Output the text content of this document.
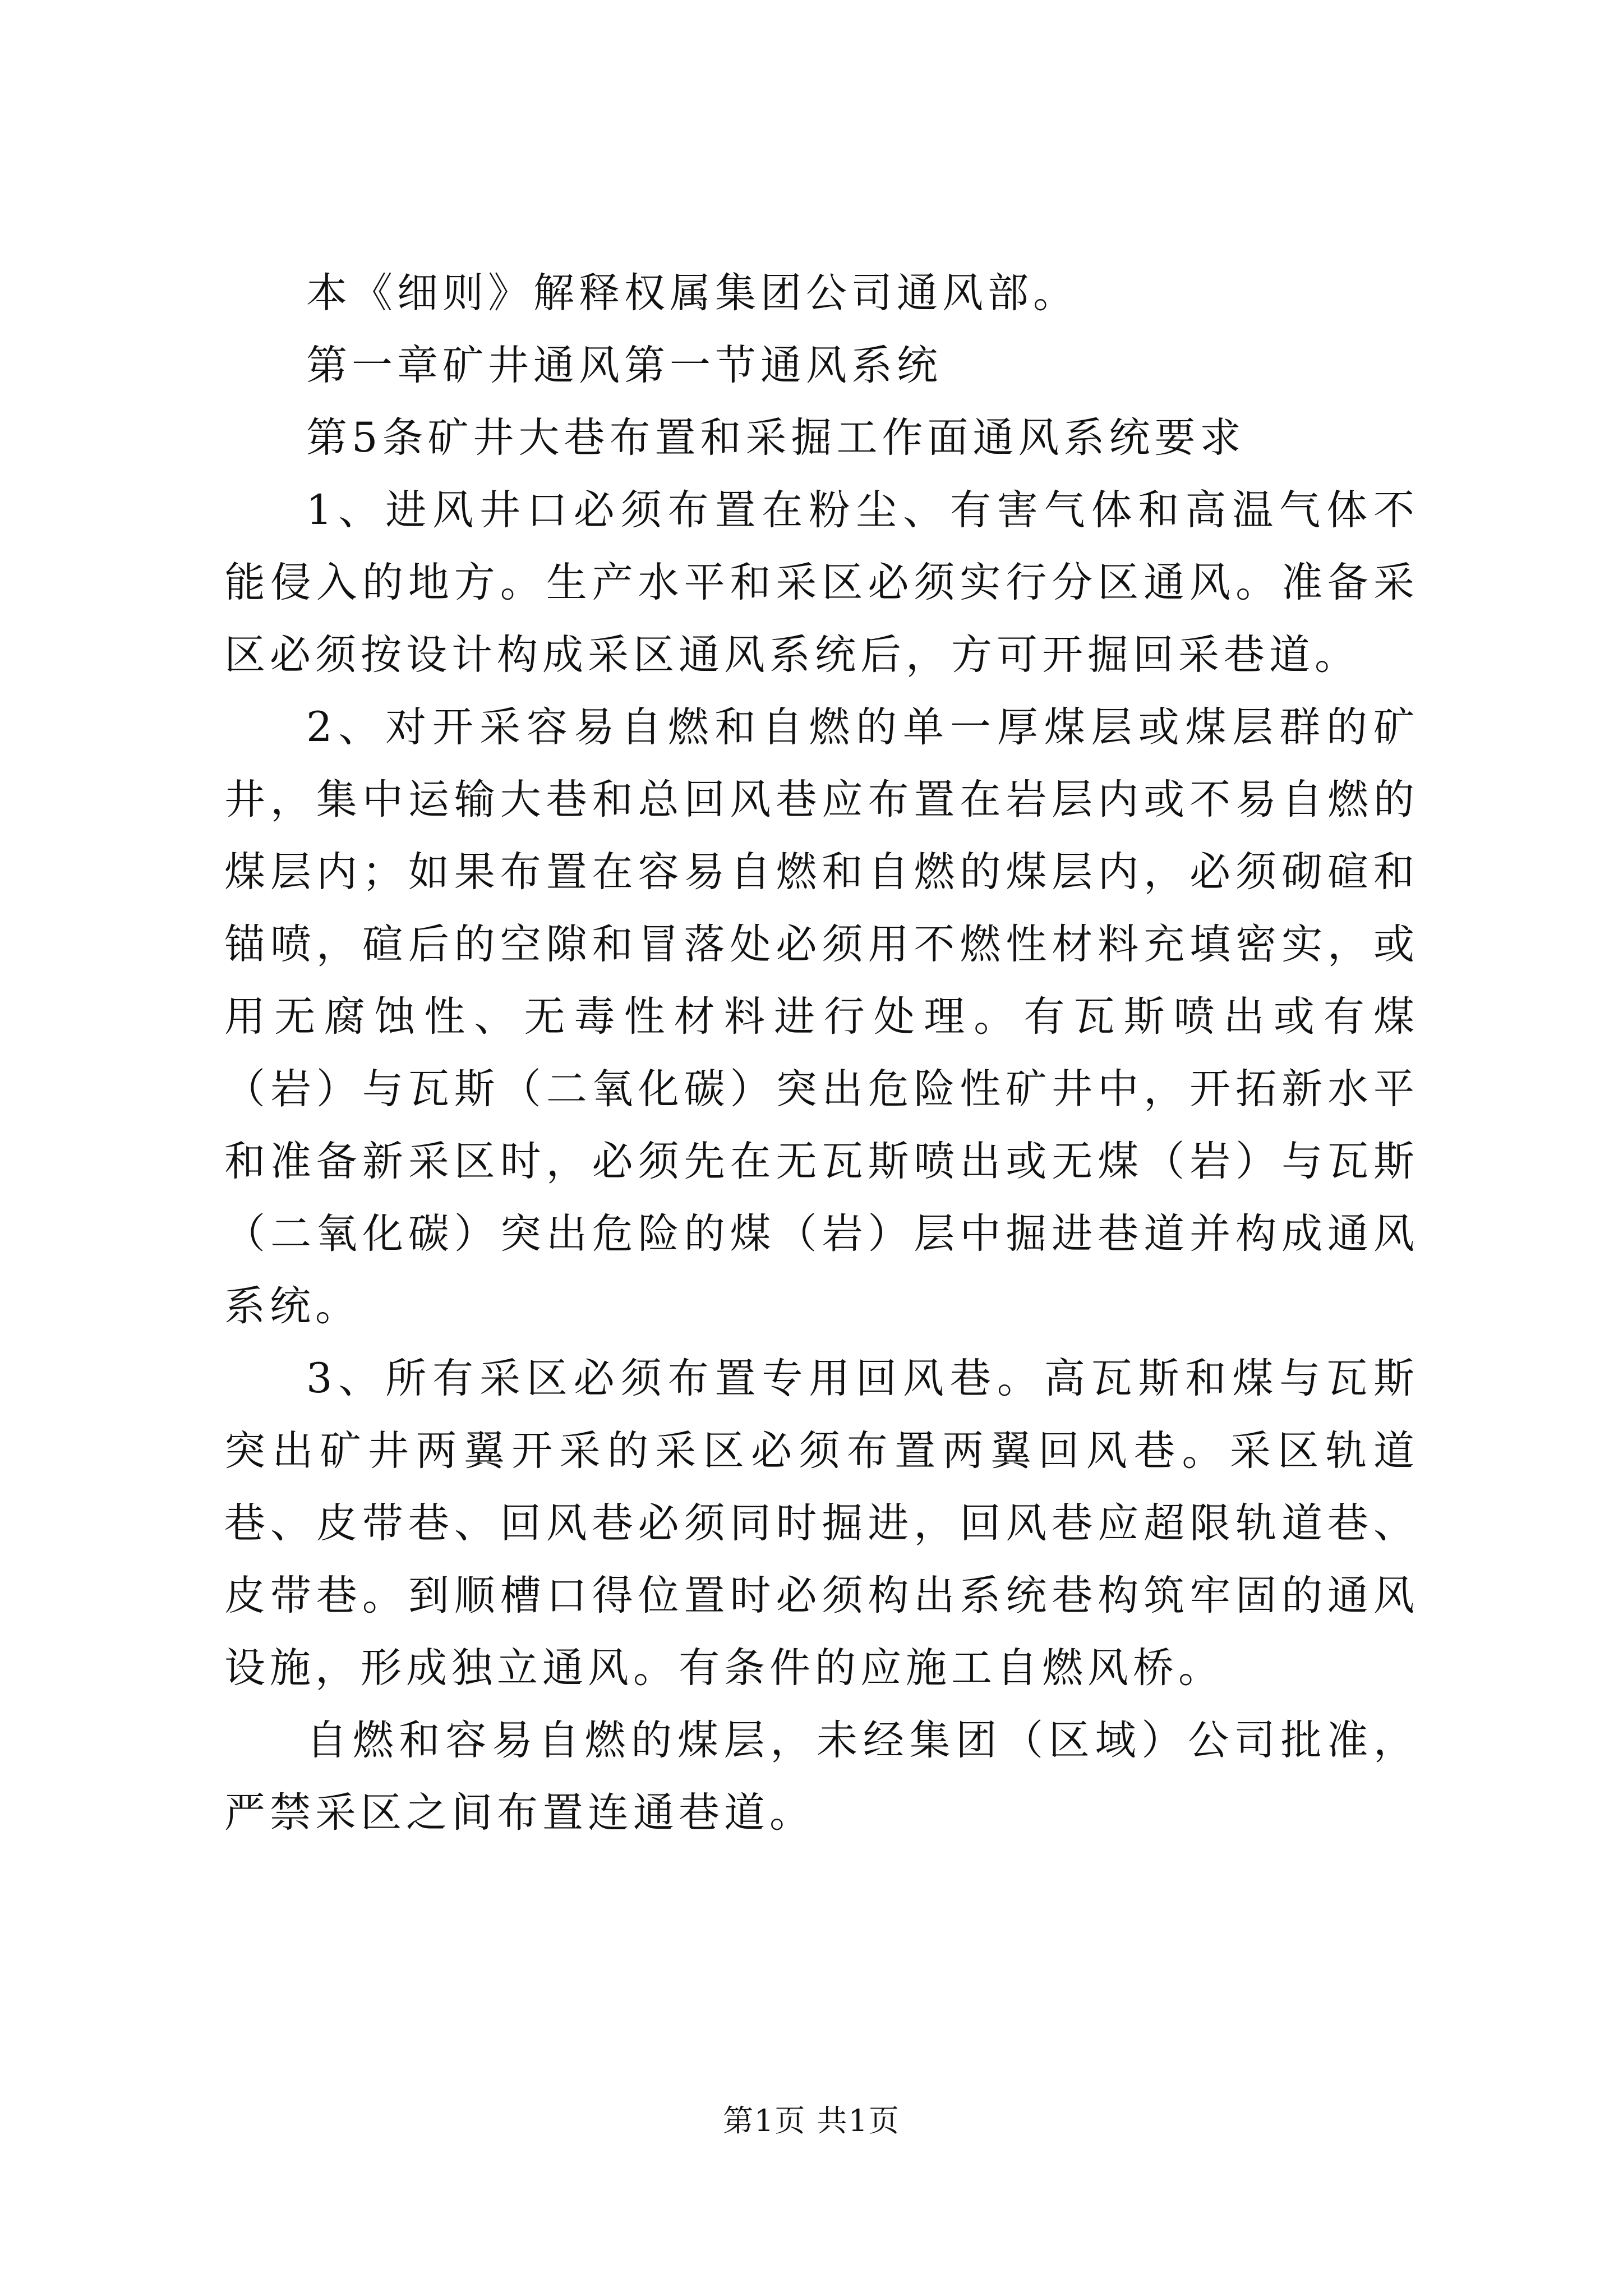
本《细则》解释权属集团公司通风部。

第一章矿井通风第一节通风系统

第5条矿井大巷布置和采掘工作面通风系统要求

1、进风井口必须布置在粉尘、有害气体和高温气体不能侵入的地方。生产水平和采区必须实行分区通风。准备采区必须按设计构成采区通风系统后，方可开掘回采巷道。

2、对开采容易自燃和自燃的单一厚煤层或煤层群的矿井，集中运输大巷和总回风巷应布置在岩层内或不易自燃的煤层内；如果布置在容易自燃和自燃的煤层内，必须砌碹和锚喷，碹后的空隙和冒落处必须用不燃性材料充填密实，或用无腐蚀性、无毒性材料进行处理。有瓦斯喷出或有煤（岩）与瓦斯（二氧化碳）突出危险性矿井中，开拓新水平和准备新采区时，必须先在无瓦斯喷出或无煤（岩）与瓦斯（二氧化碳）突出危险的煤（岩）层中掘进巷道并构成通风系统。

3、所有采区必须布置专用回风巷。高瓦斯和煤与瓦斯突出矿井两翼开采的采区必须布置两翼回风巷。采区轨道巷、皮带巷、回风巷必须同时掘进，回风巷应超限轨道巷、皮带巷。到顺槽口得位置时必须构出系统巷构筑牢固的通风设施，形成独立通风。有条件的应施工自燃风桥。

自燃和容易自燃的煤层，未经集团（区域）公司批准，严禁采区之间布置连通巷道。

第1页 共1页
